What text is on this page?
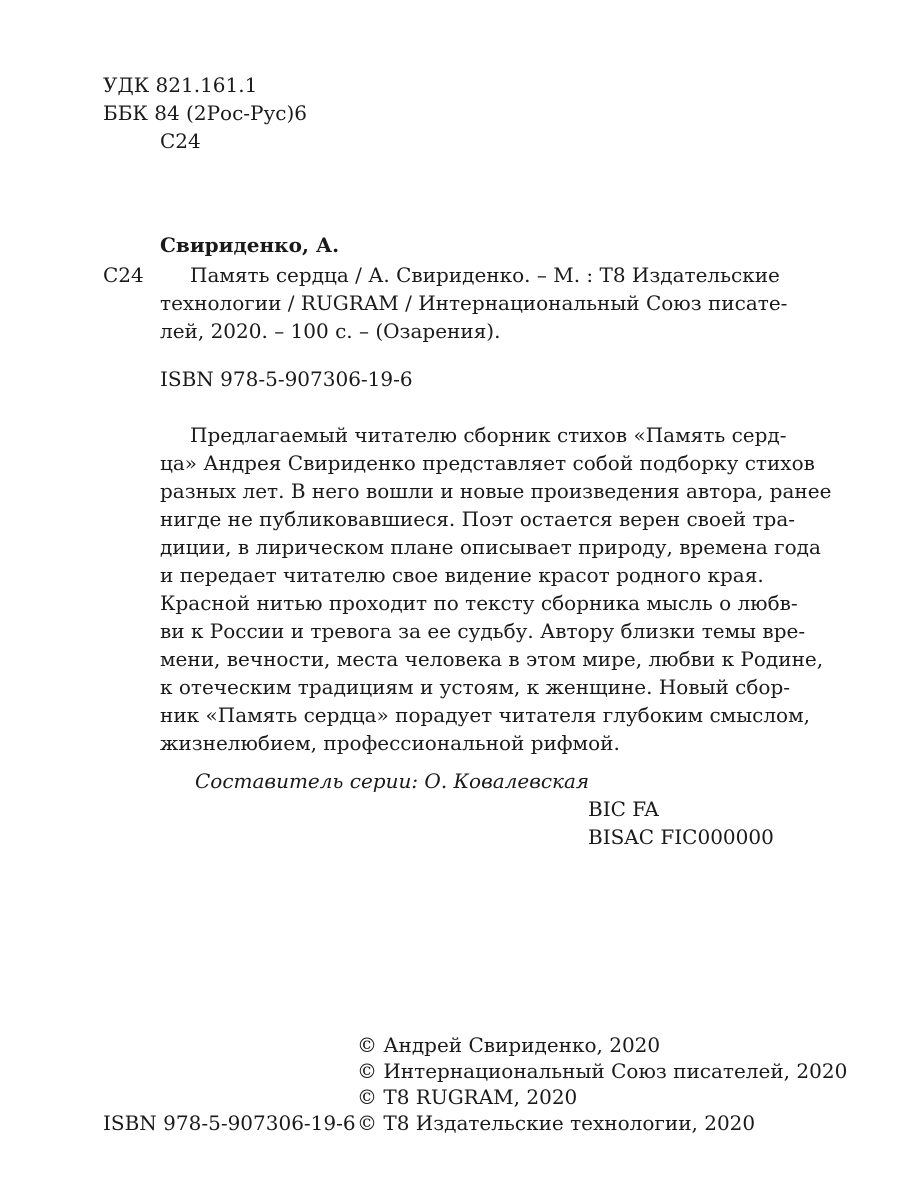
УДК 821.161.1
ББК 84 (2Рос-Рус)6
С24
Свириденко, А.
С24 Память сердца / А. Свириденко. – М. : Т8 Издательские
технологии / RUGRAM / Интернациональный Союз писате-
лей, 2020. – 100 с. – (Озарения).
ISBN 978-5-907306-19-6
Предлагаемый читателю сборник стихов «Память серд-
ца» Андрея Свириденко представляет собой подборку стихов
разных лет. В него вошли и новые произведения автора, ранее
нигде не публиковавшиеся. Поэт остается верен своей тра-
диции, в лирическом плане описывает природу, времена года
и передает читателю свое видение красот родного края.
Красной нитью проходит по тексту сборника мысль о любв-
ви к России и тревога за ее судьбу. Автору близки темы вре-
мени, вечности, места человека в этом мире, любви к Родине,
к отеческим традициям и устоям, к женщине. Новый сбор-
ник «Память сердца» порадует читателя глубоким смыслом,
жизнелюбием, профессиональной рифмой.
Составитель серии: О. Ковалевская
BIC FA
BISAC FIC000000
© Андрей Свириденко, 2020
© Интернациональный Союз писателей, 2020
© Т8 RUGRAM, 2020
ISBN 978-5-907306-19-6 © Т8 Издательские технологии, 2020
